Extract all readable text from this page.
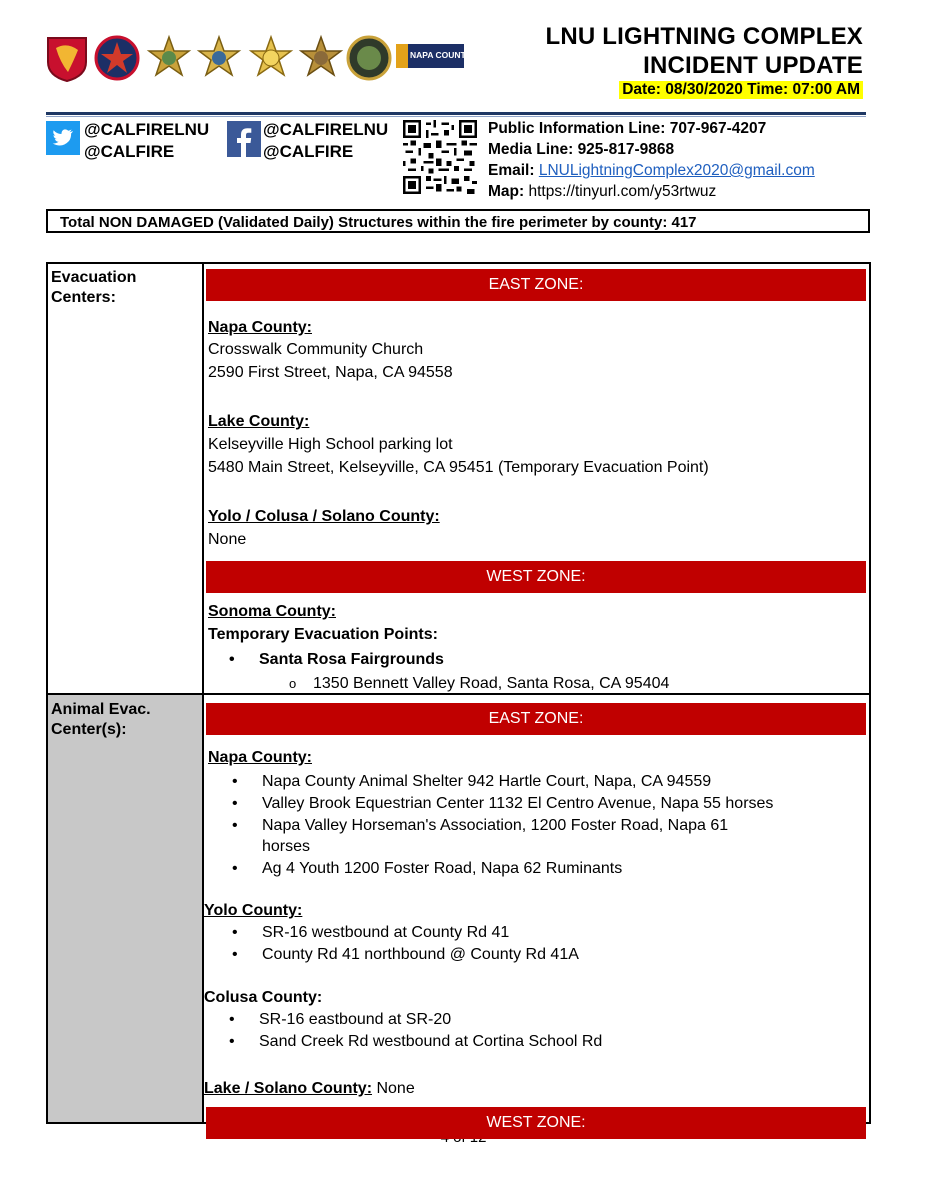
NAPA COUNTY
LNU LIGHTNING COMPLEX
INCIDENT UPDATE
Date: 08/30/2020 Time: 07:00 AM
@CALFIRELNU
@CALFIRE
@CALFIRELNU
@CALFIRE
Public Information Line: 707-967-4207
Media Line: 925-817-9868
Email: LNULightningComplex2020@gmail.com
Map: https://tinyurl.com/y53rtwuz
Total NON DAMAGED (Validated Daily) Structures within the fire perimeter by county: 417
Evacuation
Centers:
EAST ZONE:
Napa County:
Crosswalk Community Church
2590 First Street, Napa, CA 94558
Lake County:
Kelseyville High School parking lot
5480 Main Street, Kelseyville, CA 95451 (Temporary Evacuation Point)
Yolo / Colusa / Solano County:
None
WEST ZONE:
Sonoma County:
Temporary Evacuation Points:
• Santa Rosa Fairgrounds
o 1350 Bennett Valley Road, Santa Rosa, CA 95404
Animal Evac.
Center(s):
EAST ZONE:
Napa County:
• Napa County Animal Shelter 942 Hartle Court, Napa, CA 94559
• Valley Brook Equestrian Center 1132 El Centro Avenue, Napa 55 horses
• Napa Valley Horseman's Association, 1200 Foster Road, Napa 61
horses
• Ag 4 Youth 1200 Foster Road, Napa 62 Ruminants
Yolo County:
• SR-16 westbound at County Rd 41
• County Rd 41 northbound @ County Rd 41A
Colusa County:
• SR-16 eastbound at SR-20
• Sand Creek Rd westbound at Cortina School Rd
Lake / Solano County: None
WEST ZONE:
